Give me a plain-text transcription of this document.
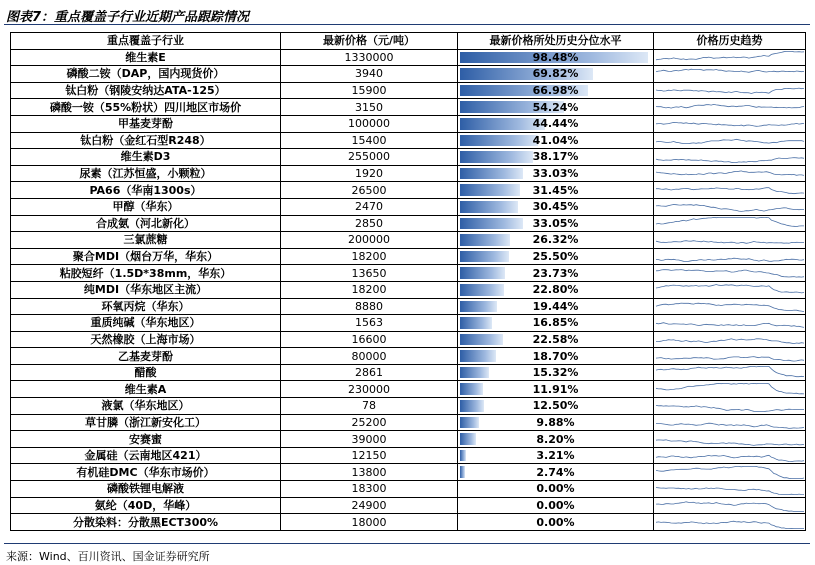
图表7：重点覆盖子行业近期产品跟踪情况
重点覆盖子行业	最新价格（元/吨）	最新价格所处历史分位水平	价格历史趋势
维生素E	1330000	98.48%	

磷酸二铵（DAP，国内现货价）	3940	69.82%	

钛白粉（钢陵安纳达ATA-125）	15900	66.98%	

磷酸一铵（55%粉状）四川地区市场价	3150	54.24%	

甲基麦芽酚	100000	44.44%	

钛白粉（金红石型R248）	15400	41.04%	

维生素D3	255000	38.17%	

尿素（江苏恒盛，小颗粒）	1920	33.03%	

PA66（华南1300s）	26500	31.45%	

甲醇（华东）	2470	30.45%	

合成氨（河北新化）	2850	33.05%	

三氯蔗糖	200000	26.32%	

聚合MDI（烟台万华，华东）	18200	25.50%	

粘胶短纤（1.5D*38mm，华东）	13650	23.73%	

纯MDI（华东地区主流）	18200	22.80%	

环氧丙烷（华东）	8880	19.44%	

重质纯碱（华东地区）	1563	16.85%	

天然橡胶（上海市场）	16600	22.58%	

乙基麦芽酚	80000	18.70%	

醋酸	2861	15.32%	

维生素A	230000	11.91%	

液氯（华东地区）	78	12.50%	

草甘膦（浙江新安化工）	25200	9.88%	

安赛蜜	39000	8.20%	

金属硅（云南地区421）	12150	3.21%	

有机硅DMC（华东市场价）	13800	2.74%	

磷酸铁锂电解液	18300	0.00%	

氨纶（40D，华峰）	24900	0.00%	

分散染料：分散黑ECT300%	18000	0.00%	
来源：Wind、百川资讯、国金证券研究所
